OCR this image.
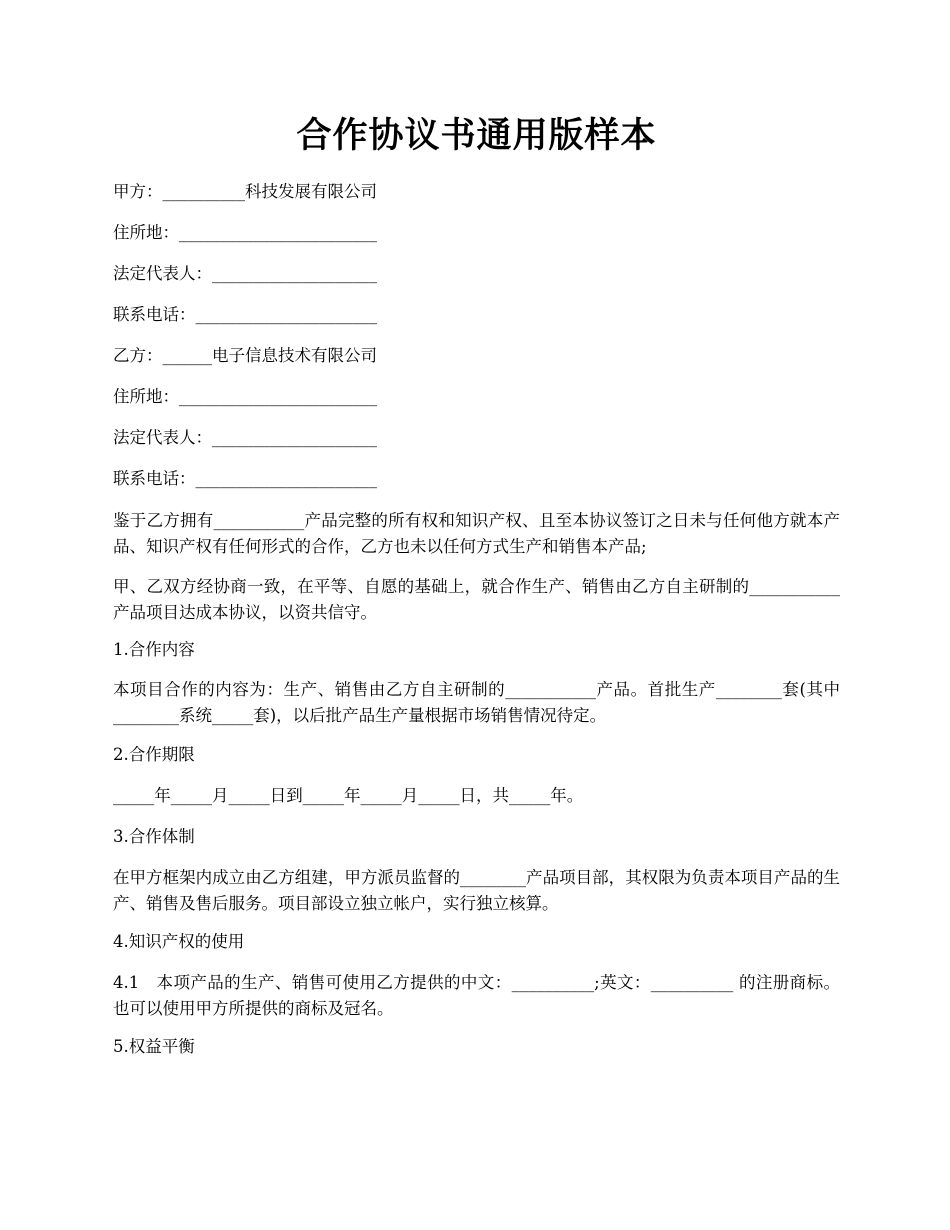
合作协议书通用版样本
甲方：__________科技发展有限公司
住所地：________________________
法定代表人：____________________
联系电话：______________________
乙方：______电子信息技术有限公司
住所地：________________________
法定代表人：____________________
联系电话：______________________
鉴于乙方拥有___________产品完整的所有权和知识产权、且至本协议签订之日未与任何他方就本产品、知识产权有任何形式的合作，乙方也未以任何方式生产和销售本产品;
甲、乙双方经协商一致，在平等、自愿的基础上，就合作生产、销售由乙方自主研制的___________产品项目达成本协议，以资共信守。
1.合作内容
本项目合作的内容为：生产、销售由乙方自主研制的___________产品。首批生产________套(其中________系统_____套)，以后批产品生产量根据市场销售情况待定。
2.合作期限
_____年_____月_____日到_____年_____月_____日，共_____年。
3.合作体制
在甲方框架内成立由乙方组建，甲方派员监督的________产品项目部，其权限为负责本项目产品的生产、销售及售后服务。项目部设立独立帐户，实行独立核算。
4.知识产权的使用
4.1　本项产品的生产、销售可使用乙方提供的中文：__________;英文：__________ 的注册商标。也可以使用甲方所提供的商标及冠名。
5.权益平衡
